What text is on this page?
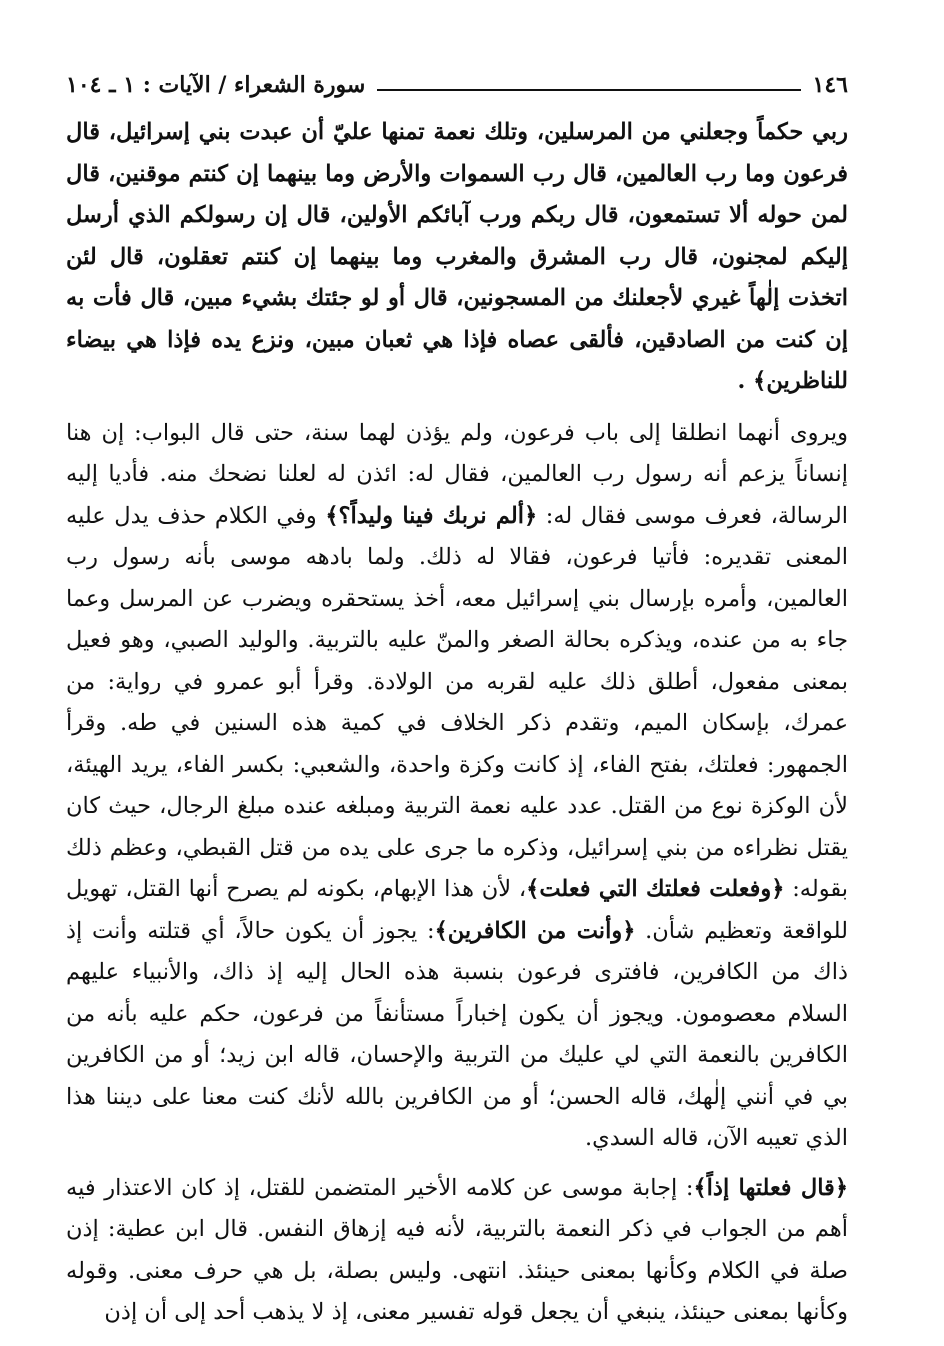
١٤٦
سورة الشعراء / الآيات : ١ ـ ١٠٤

ربي حكماً وجعلني من المرسلين، وتلك نعمة تمنها عليّ أن عبدت بني إسرائيل، قال فرعون وما رب العالمين، قال رب السموات والأرض وما بينهما إن كنتم موقنين، قال لمن حوله ألا تستمعون، قال ربكم ورب آبائكم الأولين، قال إن رسولكم الذي أرسل إليكم لمجنون، قال رب المشرق والمغرب وما بينهما إن كنتم تعقلون، قال لئن اتخذت إلٰهاً غيري لأجعلنك من المسجونين، قال أو لو جئتك بشيء مبين، قال فأت به إن كنت من الصادقين، فألقى عصاه فإذا هي ثعبان مبين، ونزع يده فإذا هي بيضاء للناظرين﴾ .

ويروى أنهما انطلقا إلى باب فرعون، ولم يؤذن لهما سنة، حتى قال البواب: إن هنا إنساناً يزعم أنه رسول رب العالمين، فقال له: ائذن له لعلنا نضحك منه. فأديا إليه الرسالة، فعرف موسى فقال له: ﴿ألم نربك فينا وليداً؟﴾ وفي الكلام حذف يدل عليه المعنى تقديره: فأتيا فرعون، فقالا له ذلك. ولما بادهه موسى بأنه رسول رب العالمين، وأمره بإرسال بني إسرائيل معه، أخذ يستحقره ويضرب عن المرسل وعما جاء به من عنده، ويذكره بحالة الصغر والمنّ عليه بالتربية. والوليد الصبي، وهو فعيل بمعنى مفعول، أطلق ذلك عليه لقربه من الولادة. وقرأ أبو عمرو في رواية: من عمرك، بإسكان الميم، وتقدم ذكر الخلاف في كمية هذه السنين في طه. وقرأ الجمهور: فعلتك، بفتح الفاء، إذ كانت وكزة واحدة، والشعبي: بكسر الفاء، يريد الهيئة، لأن الوكزة نوع من القتل. عدد عليه نعمة التربية ومبلغه عنده مبلغ الرجال، حيث كان يقتل نظراءه من بني إسرائيل، وذكره ما جرى على يده من قتل القبطي، وعظم ذلك بقوله: ﴿وفعلت فعلتك التي فعلت﴾، لأن هذا الإبهام، بكونه لم يصرح أنها القتل، تهويل للواقعة وتعظيم شأن. ﴿وأنت من الكافرين﴾: يجوز أن يكون حالاً، أي قتلته وأنت إذ ذاك من الكافرين، فافترى فرعون بنسبة هذه الحال إليه إذ ذاك، والأنبياء عليهم السلام معصومون. ويجوز أن يكون إخباراً مستأنفاً من فرعون، حكم عليه بأنه من الكافرين بالنعمة التي لي عليك من التربية والإحسان، قاله ابن زيد؛ أو من الكافرين بي في أنني إلٰهك، قاله الحسن؛ أو من الكافرين بالله لأنك كنت معنا على ديننا هذا الذي تعيبه الآن، قاله السدي.

﴿قال فعلتها إذاً﴾: إجابة موسى عن كلامه الأخير المتضمن للقتل، إذ كان الاعتذار فيه أهم من الجواب في ذكر النعمة بالتربية، لأنه فيه إزهاق النفس. قال ابن عطية: إذن صلة في الكلام وكأنها بمعنى حينئذ. انتهى. وليس بصلة، بل هي حرف معنى. وقوله وكأنها بمعنى حينئذ، ينبغي أن يجعل قوله تفسير معنى، إذ لا يذهب أحد إلى أن إذن
